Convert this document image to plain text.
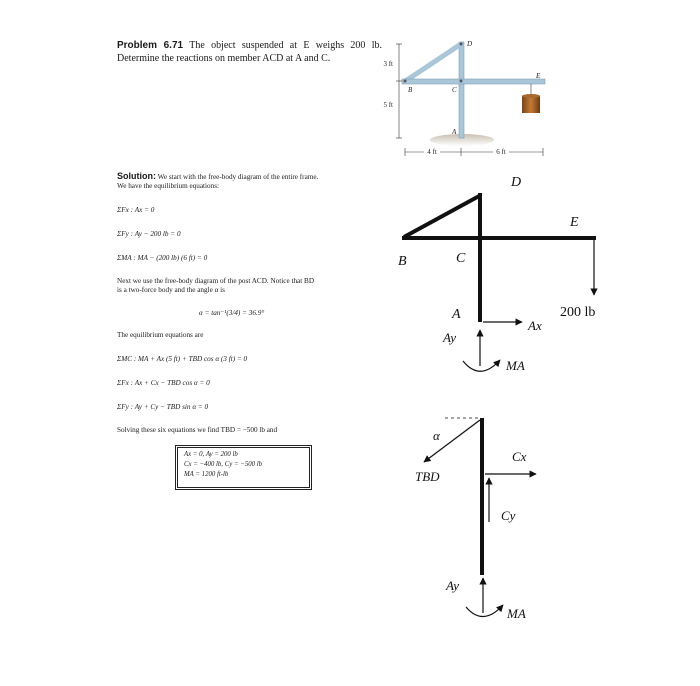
Problem 6.71 The object suspended at E weighs 200 lb. Determine the reactions on member ACD at A and C.
Solution: We start with the free-body diagram of the entire frame.
We have the equilibrium equations:
ΣFx : Ax = 0
ΣFy : Ay − 200 lb = 0
ΣMA : MA − (200 lb) (6 ft) = 0
Next we use the free-body diagram of the post ACD. Notice that BD
is a two-force body and the angle α is
α = tan⁻¹(3/4) = 36.9°
The equilibrium equations are
ΣMC : MA + Ax (5 ft) + TBD cos α (3 ft) = 0
ΣFx : Ax + Cx − TBD cos α = 0
ΣFy : Ay + Cy − TBD sin α = 0
Solving these six equations we find TBD = −500 lb and
Ax = 0, Ay = 200 lb
Cx = −400 lb, Cy = −500 lb
MA = 1200 ft-lb
3 ft
5 ft
4 ft	6 ft
D
B	C
E
A
D
E
B	C
A	200 lb
Ax
Ay
MA
α
TBD
Cx
Cy
Ay
MA
